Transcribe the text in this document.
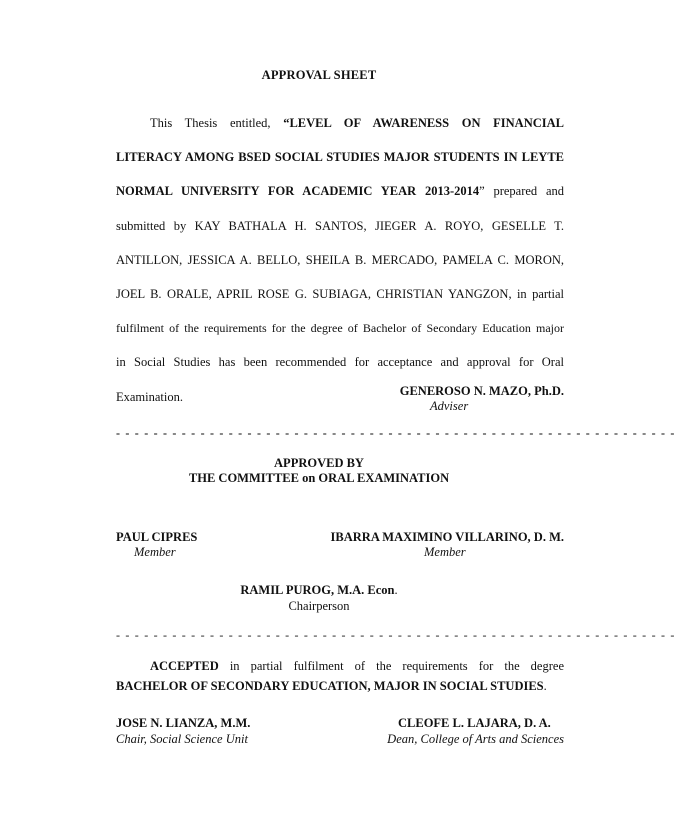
APPROVAL SHEET
This Thesis entitled, “LEVEL OF AWARENESS ON FINANCIAL
LITERACY AMONG BSED SOCIAL STUDIES MAJOR STUDENTS IN LEYTE
NORMAL UNIVERSITY FOR ACADEMIC YEAR 2013-2014” prepared and
submitted by KAY BATHALA H. SANTOS, JIEGER A. ROYO, GESELLE T.
ANTILLON, JESSICA A. BELLO, SHEILA B. MERCADO, PAMELA C. MORON,
JOEL B. ORALE, APRIL ROSE G. SUBIAGA, CHRISTIAN YANGZON, in partial
fulfilment of the requirements for the degree of Bachelor of Secondary Education major
in Social Studies has been recommended for acceptance and approval for Oral
Examination.	GENEROSO N. MAZO, Ph.D.
Adviser
- - - - - - - - - - - - - - - - - - - - - - - - - - - - - - - - - - - - - - - - - - - - - - - - - - - - - - - - - - - -
APPROVED BY
THE COMMITTEE on ORAL EXAMINATION
PAUL CIPRES
Member
IBARRA MAXIMINO VILLARINO, D. M.
Member
RAMIL PUROG, M.A. Econ.
Chairperson
- - - - - - - - - - - - - - - - - - - - - - - - - - - - - - - - - - - - - - - - - - - - - - - - - - - - - - - - - - - -
ACCEPTED in partial fulfilment of the requirements for the degree
BACHELOR OF SECONDARY EDUCATION, MAJOR IN SOCIAL STUDIES.
JOSE N. LIANZA, M.M.
Chair, Social Science Unit
CLEOFE L. LAJARA, D. A.
Dean, College of Arts and Sciences
